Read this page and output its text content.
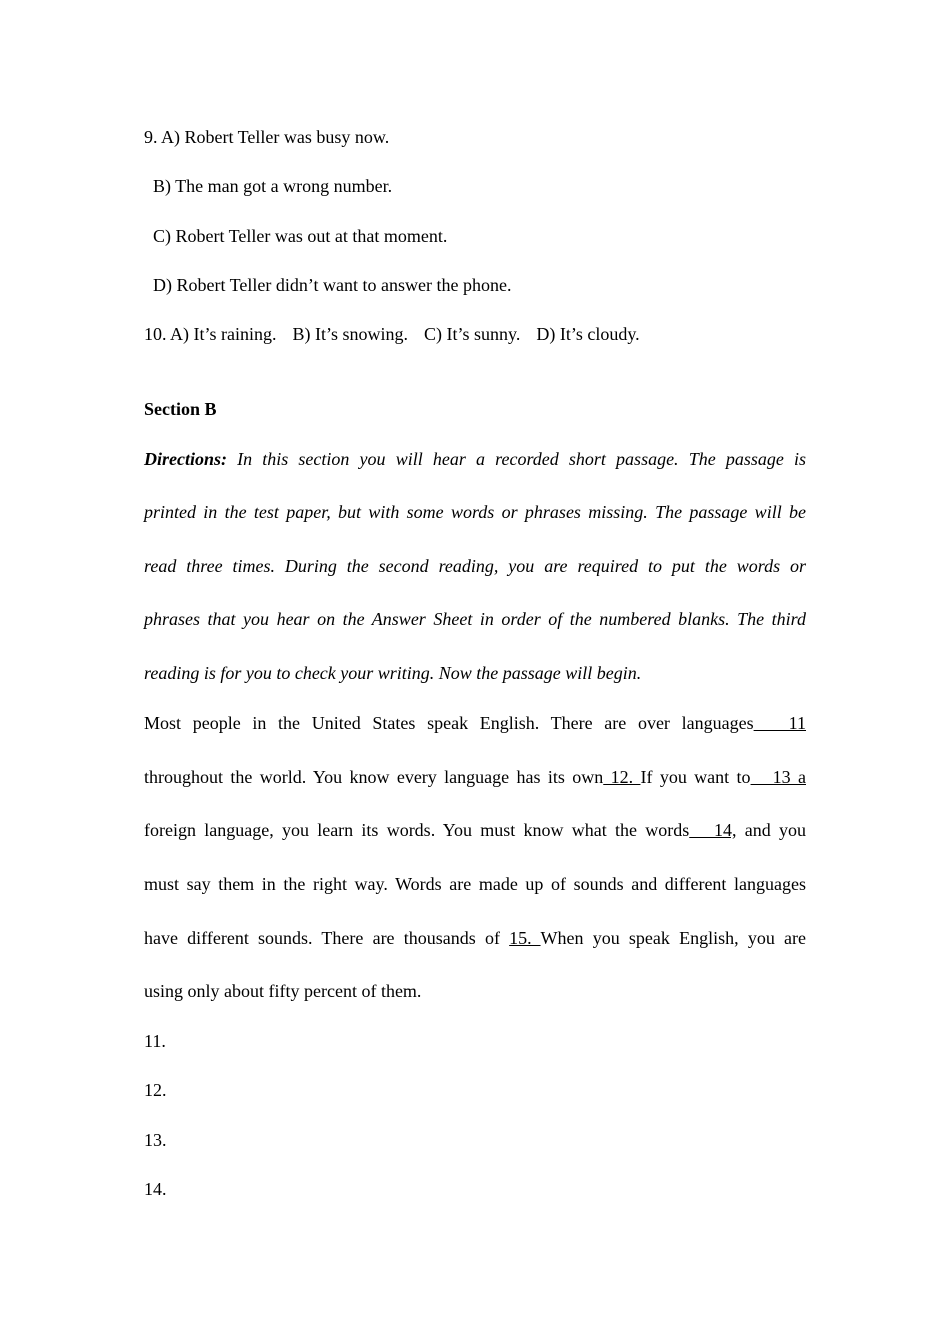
9. A) Robert Teller was busy now.
B) The man got a wrong number.
C) Robert Teller was out at that moment.
D) Robert Teller didn’t want to answer the phone.
10. A) It’s raining. B) It’s snowing. C) It’s sunny. D) It’s cloudy.
Section B
Directions: In this section you will hear a recorded short passage. The passage is
printed in the test paper, but with some words or phrases missing. The passage will be
read three times. During the second reading, you are required to put the words or
phrases that you hear on the Answer Sheet in order of the numbered blanks. The third
reading is for you to check your writing. Now the passage will begin.
Most people in the United States speak English. There are over languages   11
throughout the world. You know every language has its own 12. If you want to   13 a
foreign language, you learn its words. You must know what the words   14, and you
must say them in the right way. Words are made up of sounds and different languages
have different sounds. There are thousands of 15. When you speak English, you are
using only about fifty percent of them.
11.
12.
13.
14.
